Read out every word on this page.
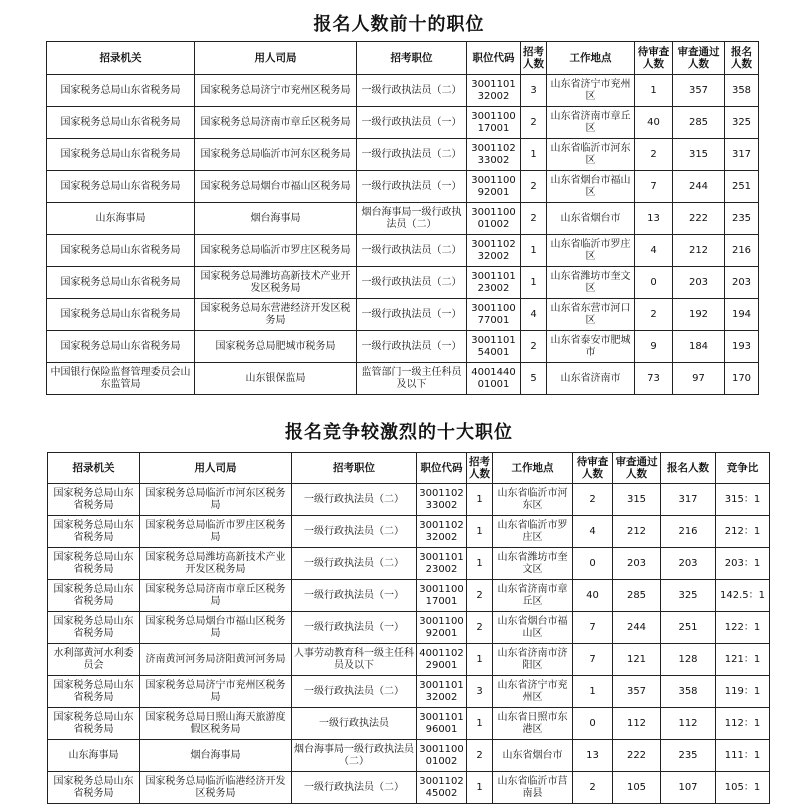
报名人数前十的职位
招录机关	用人司局	招考职位	职位代码	招考人数	工作地点	待审查人数	审查通过人数	报名人数
国家税务总局山东省税务局	国家税务总局济宁市兖州区税务局	一级行政执法员（二）	300110132002	3	山东省济宁市兖州区	1	357	358
国家税务总局山东省税务局	国家税务总局济南市章丘区税务局	一级行政执法员（一）	300110017001	2	山东省济南市章丘区	40	285	325
国家税务总局山东省税务局	国家税务总局临沂市河东区税务局	一级行政执法员（二）	300110233002	1	山东省临沂市河东区	2	315	317
国家税务总局山东省税务局	国家税务总局烟台市福山区税务局	一级行政执法员（一）	300110092001	2	山东省烟台市福山区	7	244	251
山东海事局	烟台海事局	烟台海事局一级行政执法员（二）	300110001002	2	山东省烟台市	13	222	235
国家税务总局山东省税务局	国家税务总局临沂市罗庄区税务局	一级行政执法员（二）	300110232002	1	山东省临沂市罗庄区	4	212	216
国家税务总局山东省税务局	国家税务总局潍坊高新技术产业开发区税务局	一级行政执法员（二）	300110123002	1	山东省潍坊市奎文区	0	203	203
国家税务总局山东省税务局	国家税务总局东营港经济开发区税务局	一级行政执法员（一）	300110077001	4	山东省东营市河口区	2	192	194
国家税务总局山东省税务局	国家税务总局肥城市税务局	一级行政执法员（一）	300110154001	2	山东省泰安市肥城市	9	184	193
中国银行保险监督管理委员会山东监管局	山东银保监局	监管部门一级主任科员及以下	400144001001	5	山东省济南市	73	97	170
报名竞争较激烈的十大职位
招录机关	用人司局	招考职位	职位代码	招考人数	工作地点	待审查人数	审查通过人数	报名人数	竞争比
国家税务总局山东省税务局	国家税务总局临沂市河东区税务局	一级行政执法员（二）	300110233002	1	山东省临沂市河东区	2	315	317	315：1
国家税务总局山东省税务局	国家税务总局临沂市罗庄区税务局	一级行政执法员（二）	300110232002	1	山东省临沂市罗庄区	4	212	216	212：1
国家税务总局山东省税务局	国家税务总局潍坊高新技术产业开发区税务局	一级行政执法员（二）	300110123002	1	山东省潍坊市奎文区	0	203	203	203：1
国家税务总局山东省税务局	国家税务总局济南市章丘区税务局	一级行政执法员（一）	300110017001	2	山东省济南市章丘区	40	285	325	142.5：1
国家税务总局山东省税务局	国家税务总局烟台市福山区税务局	一级行政执法员（一）	300110092001	2	山东省烟台市福山区	7	244	251	122：1
水利部黄河水利委员会	济南黄河河务局济阳黄河河务局	人事劳动教育科一级主任科员及以下	400110229001	1	山东省济南市济阳区	7	121	128	121：1
国家税务总局山东省税务局	国家税务总局济宁市兖州区税务局	一级行政执法员（二）	300110132002	3	山东省济宁市兖州区	1	357	358	119：1
国家税务总局山东省税务局	国家税务总局日照山海天旅游度假区税务局	一级行政执法员	300110196001	1	山东省日照市东港区	0	112	112	112：1
山东海事局	烟台海事局	烟台海事局一级行政执法员（二）	300110001002	2	山东省烟台市	13	222	235	111：1
国家税务总局山东省税务局	国家税务总局临沂临港经济开发区税务局	一级行政执法员（二）	300110245002	1	山东省临沂市莒南县	2	105	107	105：1
